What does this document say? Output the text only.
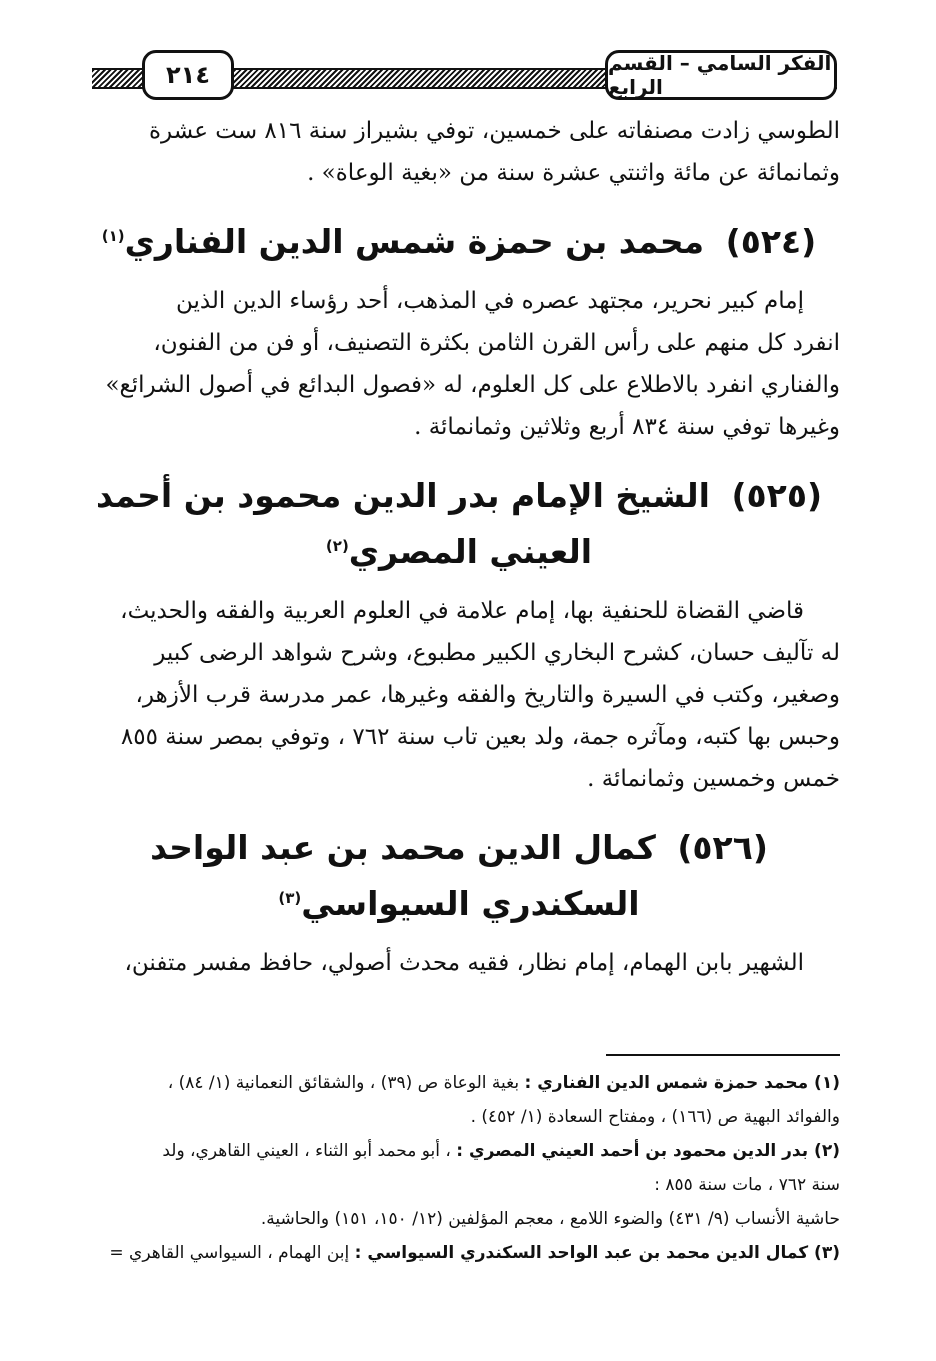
٢١٤	الفكر السامي – القسم الرابع

الطوسي زادت مصنفاته على خمسين، توفي بشيراز سنة ٨١٦ ست عشرة

وثمانمائة عن مائة واثنتي عشرة سنة من «بغية الوعاة» .

(٥٢٤) محمد بن حمزة شمس الدين الفناري$^{(١)}$

إمام كبير نحرير، مجتهد عصره في المذهب، أحد رؤساء الدين الذين

انفرد كل منهم على رأس القرن الثامن بكثرة التصنيف، أو فن من الفنون،

والفناري انفرد بالاطلاع على كل العلوم، له «فصول البدائع في أصول الشرائع»

وغيرها توفي سنة ٨٣٤ أربع وثلاثين وثمانمائة .

(٥٢٥) الشيخ الإمام بدر الدين محمود بن أحمد
العيني المصري$^{(٢)}$

قاضي القضاة للحنفية بها، إمام علامة في العلوم العربية والفقه والحديث،

له تآليف حسان، كشرح البخاري الكبير مطبوع، وشرح شواهد الرضى كبير

وصغير، وكتب في السيرة والتاريخ والفقه وغيرها، عمر مدرسة قرب الأزهر،

وحبس بها كتبه، ومآثره جمة، ولد بعين تاب سنة ٧٦٢ ، وتوفي بمصر سنة ٨٥٥

خمس وخمسين وثمانمائة .

(٥٢٦) كمال الدين محمد بن عبد الواحد
السكندري السيواسي$^{(٣)}$

الشهير بابن الهمام، إمام نظار، فقيه محدث أصولي، حافظ مفسر متفنن،

(١) محمد حمزة شمس الدين الفناري : بغية الوعاة ص (٣٩) ، والشقائق النعمانية (١/ ٨٤) ،
والفوائد البهية ص (١٦٦) ، ومفتاح السعادة (١/ ٤٥٢) .
(٢) بدر الدين محمود بن أحمد العيني المصري : ، أبو محمد أبو الثناء ، العيني القاهري، ولد
سنة ٧٦٢ ، مات سنة ٨٥٥ :
حاشية الأنساب (٩/ ٤٣١) والضوء اللامع ، معجم المؤلفين (١٢/ ١٥٠، ١٥١) والحاشية.
(٣) كمال الدين محمد بن عبد الواحد السكندري السيواسي : إبن الهمام ، السيواسي القاهري =
